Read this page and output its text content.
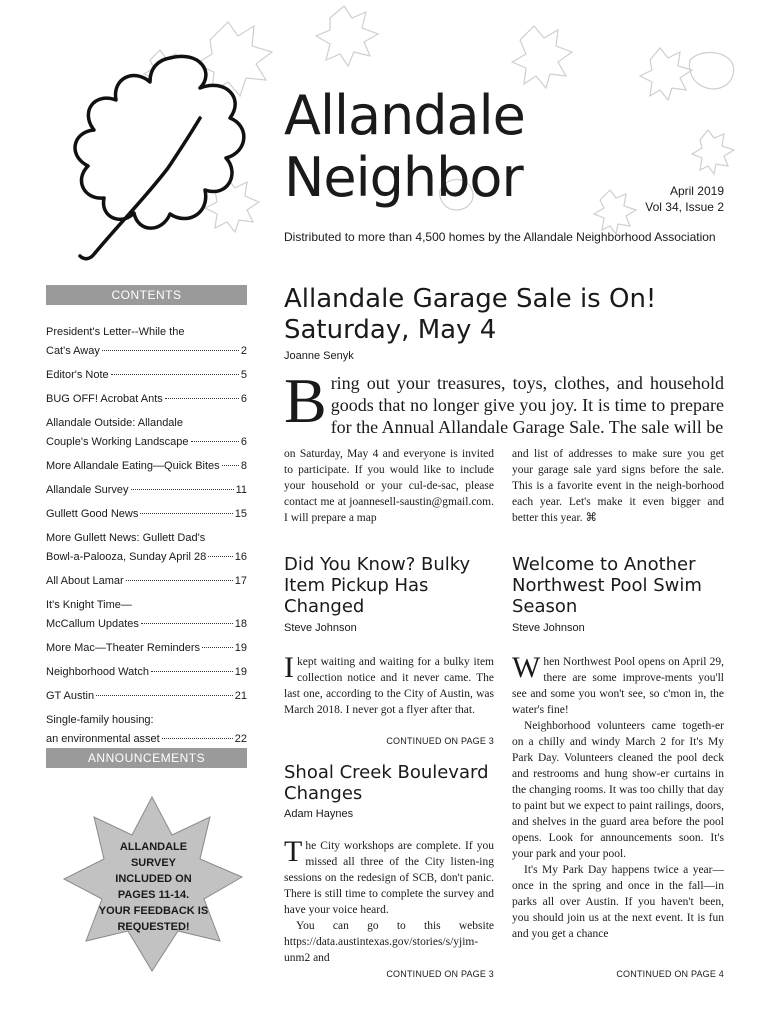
Allandale
Neighbor	April 2019
Vol 34, Issue 2
Distributed to more than 4,500 homes by the Allandale Neighborhood Association
CONTENTS
President's Letter--While the
Cat's Away	2
Editor's Note	5
BUG OFF! Acrobat Ants	6
Allandale Outside: Allandale
Couple's Working Landscape	6
More Allandale Eating—Quick Bites 8
Allandale Survey	11
Gullett Good News	15
More Gullett News: Gullett Dad's
Bowl-a-Palooza, Sunday April 28	16
All About Lamar	17
It's Knight Time—
McCallum Updates	18
More Mac—Theater Reminders	19
Neighborhood Watch	19
GT Austin	21
Single-family housing:
an environmental asset	22
ANNOUNCEMENTS
ALLANDALE
SURVEY
INCLUDED ON
PAGES 11-14.
YOUR FEEDBACK IS
REQUESTED!
Allandale Garage Sale is On!
Saturday, May 4
Joanne Senyk
B ring out your treasures, toys, clothes, and household goods that no longer give you joy. It is time to prepare for the Annual Allandale Garage Sale. The sale will be
on Saturday, May 4 and everyone is invited to participate. If you would like to include your household or your cul-de-sac, please contact me at joannesell-saustin@gmail.com. I will prepare a map
and list of addresses to make sure you get your garage sale yard signs before the sale. This is a favorite event in the neigh-borhood each year. Let's make it even bigger and better this year. ⌘
Did You Know? Bulky Item Pickup Has Changed
Steve Johnson
I kept waiting and waiting for a bulky item collection notice and it never came. The last one, according to the City of Austin, was March 2018. I never got a flyer after that.
CONTINUED ON PAGE 3
Shoal Creek Boulevard Changes
Adam Haynes

The City workshops are complete. If you missed all three of the City listen-ing sessions on the redesign of SCB, don't panic. There is still time to complete the survey and have your voice heard.

You can go to this website https://data.austintexas.gov/stories/s/yjim-unm2 and

CONTINUED ON PAGE 3
Welcome to Another Northwest Pool Swim Season
Steve Johnson

When Northwest Pool opens on April 29, there are some improve-ments you'll see and some you won't see, so c'mon in, the water's fine!

Neighborhood volunteers came togeth-er on a chilly and windy March 2 for It's My Park Day. Volunteers cleaned the pool deck and restrooms and hung show-er curtains in the changing rooms. It was too chilly that day to paint but we expect to paint railings, doors, and shelves in the guard area before the pool opens. Look for announcements soon. It's your park and your pool.

It's My Park Day happens twice a year—once in the spring and once in the fall—in parks all over Austin. If you haven't been, you should join us at the next event. It is fun and you get a chance

CONTINUED ON PAGE 4
